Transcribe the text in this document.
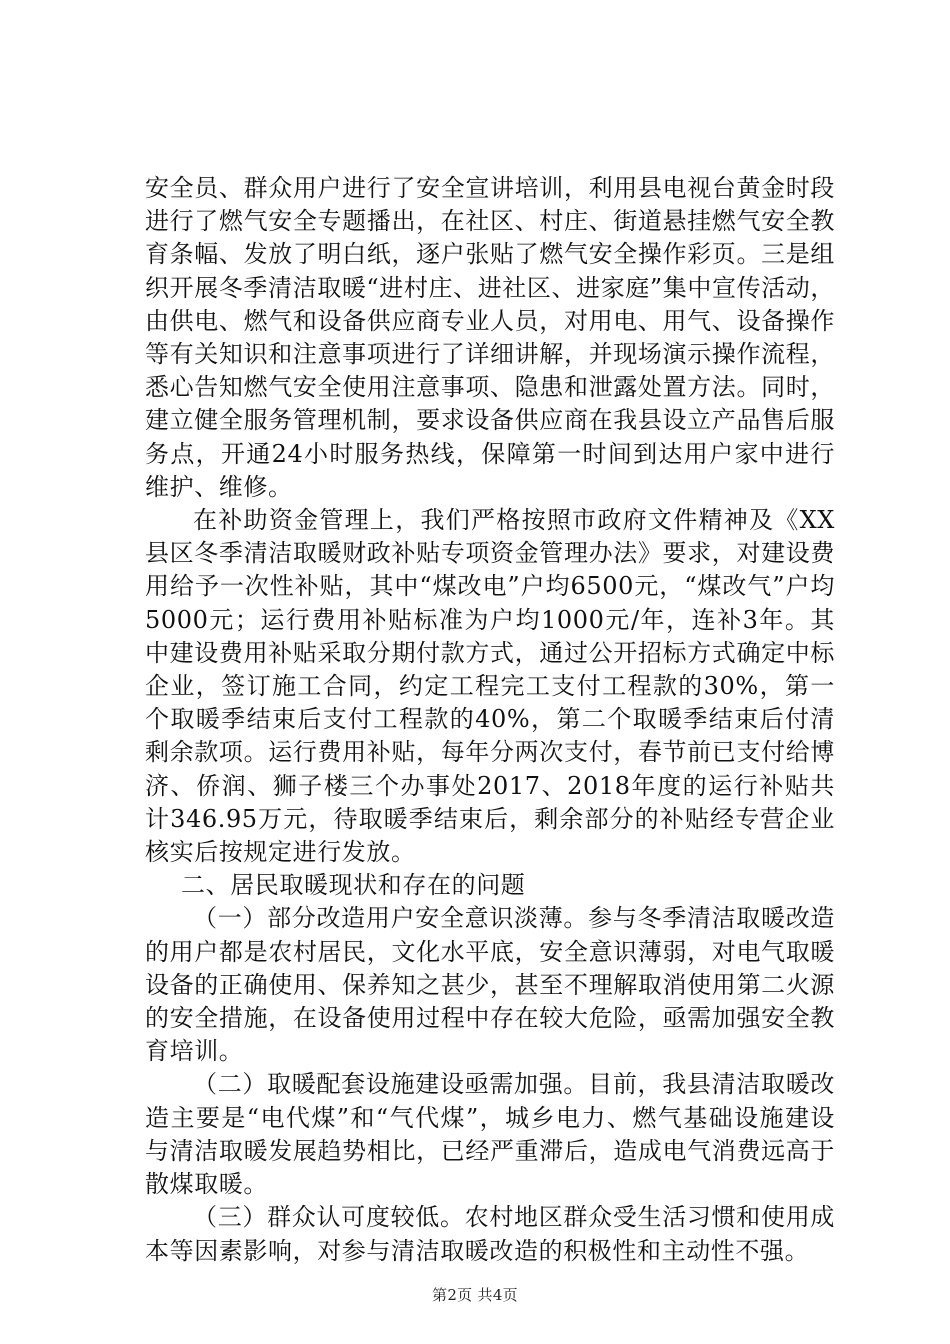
安全员、群众用户进行了安全宣讲培训，利用县电视台黄金时段进行了燃气安全专题播出，在社区、村庄、街道悬挂燃气安全教育条幅、发放了明白纸，逐户张贴了燃气安全操作彩页。三是组织开展冬季清洁取暖“进村庄、进社区、进家庭”集中宣传活动，由供电、燃气和设备供应商专业人员，对用电、用气、设备操作等有关知识和注意事项进行了详细讲解，并现场演示操作流程，悉心告知燃气安全使用注意事项、隐患和泄露处置方法。同时，建立健全服务管理机制，要求设备供应商在我县设立产品售后服务点，开通24小时服务热线，保障第一时间到达用户家中进行维护、维修。

在补助资金管理上，我们严格按照市政府文件精神及《XX县区冬季清洁取暖财政补贴专项资金管理办法》要求，对建设费用给予一次性补贴，其中“煤改电”户均6500元，“煤改气”户均5000元；运行费用补贴标准为户均1000元/年，连补3年。其中建设费用补贴采取分期付款方式，通过公开招标方式确定中标企业，签订施工合同，约定工程完工支付工程款的30%，第一个取暖季结束后支付工程款的40%，第二个取暖季结束后付清剩余款项。运行费用补贴，每年分两次支付，春节前已支付给博济、侨润、狮子楼三个办事处2017、2018年度的运行补贴共计346.95万元，待取暖季结束后，剩余部分的补贴经专营企业核实后按规定进行发放。

二、居民取暖现状和存在的问题

（一）部分改造用户安全意识淡薄。参与冬季清洁取暖改造的用户都是农村居民，文化水平底，安全意识薄弱，对电气取暖设备的正确使用、保养知之甚少，甚至不理解取消使用第二火源的安全措施，在设备使用过程中存在较大危险，亟需加强安全教育培训。

（二）取暖配套设施建设亟需加强。目前，我县清洁取暖改造主要是“电代煤”和“气代煤”，城乡电力、燃气基础设施建设与清洁取暖发展趋势相比，已经严重滞后，造成电气消费远高于散煤取暖。

（三）群众认可度较低。农村地区群众受生活习惯和使用成本等因素影响，对参与清洁取暖改造的积极性和主动性不强。

第2页 共4页
